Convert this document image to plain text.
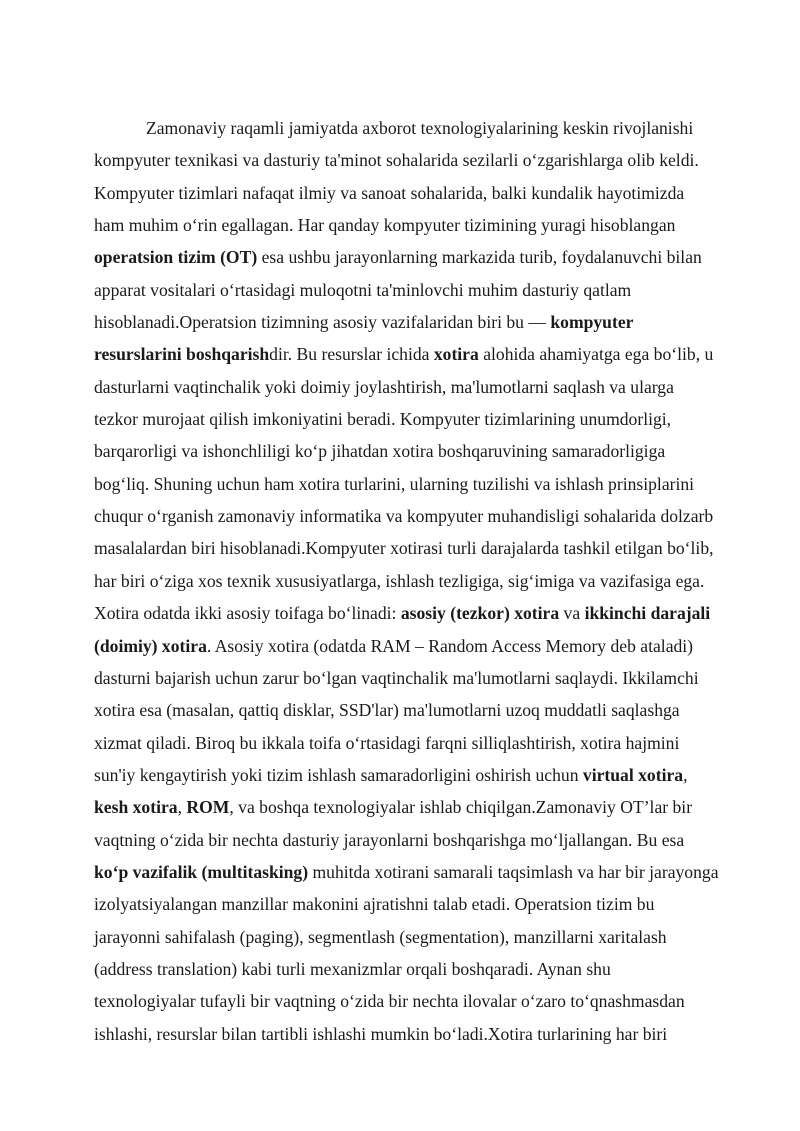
Zamonaviy raqamli jamiyatda axborot texnologiyalarining keskin rivojlanishi
kompyuter texnikasi va dasturiy ta'minot sohalarida sezilarli o‘zgarishlarga olib keldi.
Kompyuter tizimlari nafaqat ilmiy va sanoat sohalarida, balki kundalik hayotimizda
ham muhim o‘rin egallagan. Har qanday kompyuter tizimining yuragi hisoblangan
operatsion tizim (OT) esa ushbu jarayonlarning markazida turib, foydalanuvchi bilan
apparat vositalari o‘rtasidagi muloqotni ta'minlovchi muhim dasturiy qatlam
hisoblanadi.Operatsion tizimning asosiy vazifalaridan biri bu — kompyuter
resurslarini boshqarishdir. Bu resurslar ichida xotira alohida ahamiyatga ega bo‘lib, u
dasturlarni vaqtinchalik yoki doimiy joylashtirish, ma'lumotlarni saqlash va ularga
tezkor murojaat qilish imkoniyatini beradi. Kompyuter tizimlarining unumdorligi,
barqarorligi va ishonchliligi ko‘p jihatdan xotira boshqaruvining samaradorligiga
bog‘liq. Shuning uchun ham xotira turlarini, ularning tuzilishi va ishlash prinsiplarini
chuqur o‘rganish zamonaviy informatika va kompyuter muhandisligi sohalarida dolzarb
masalalardan biri hisoblanadi.Kompyuter xotirasi turli darajalarda tashkil etilgan bo‘lib,
har biri o‘ziga xos texnik xususiyatlarga, ishlash tezligiga, sig‘imiga va vazifasiga ega.
Xotira odatda ikki asosiy toifaga bo‘linadi: asosiy (tezkor) xotira va ikkinchi darajali
(doimiy) xotira. Asosiy xotira (odatda RAM – Random Access Memory deb ataladi)
dasturni bajarish uchun zarur bo‘lgan vaqtinchalik ma'lumotlarni saqlaydi. Ikkilamchi
xotira esa (masalan, qattiq disklar, SSD'lar) ma'lumotlarni uzoq muddatli saqlashga
xizmat qiladi. Biroq bu ikkala toifa o‘rtasidagi farqni silliqlashtirish, xotira hajmini
sun'iy kengaytirish yoki tizim ishlash samaradorligini oshirish uchun virtual xotira,
kesh xotira, ROM, va boshqa texnologiyalar ishlab chiqilgan.Zamonaviy OT’lar bir
vaqtning o‘zida bir nechta dasturiy jarayonlarni boshqarishga mo‘ljallangan. Bu esa
ko‘p vazifalik (multitasking) muhitda xotirani samarali taqsimlash va har bir jarayonga
izolyatsiyalangan manzillar makonini ajratishni talab etadi. Operatsion tizim bu
jarayonni sahifalash (paging), segmentlash (segmentation), manzillarni xaritalash
(address translation) kabi turli mexanizmlar orqali boshqaradi. Aynan shu
texnologiyalar tufayli bir vaqtning o‘zida bir nechta ilovalar o‘zaro to‘qnashmasdan
ishlashi, resurslar bilan tartibli ishlashi mumkin bo‘ladi.Xotira turlarining har biri
